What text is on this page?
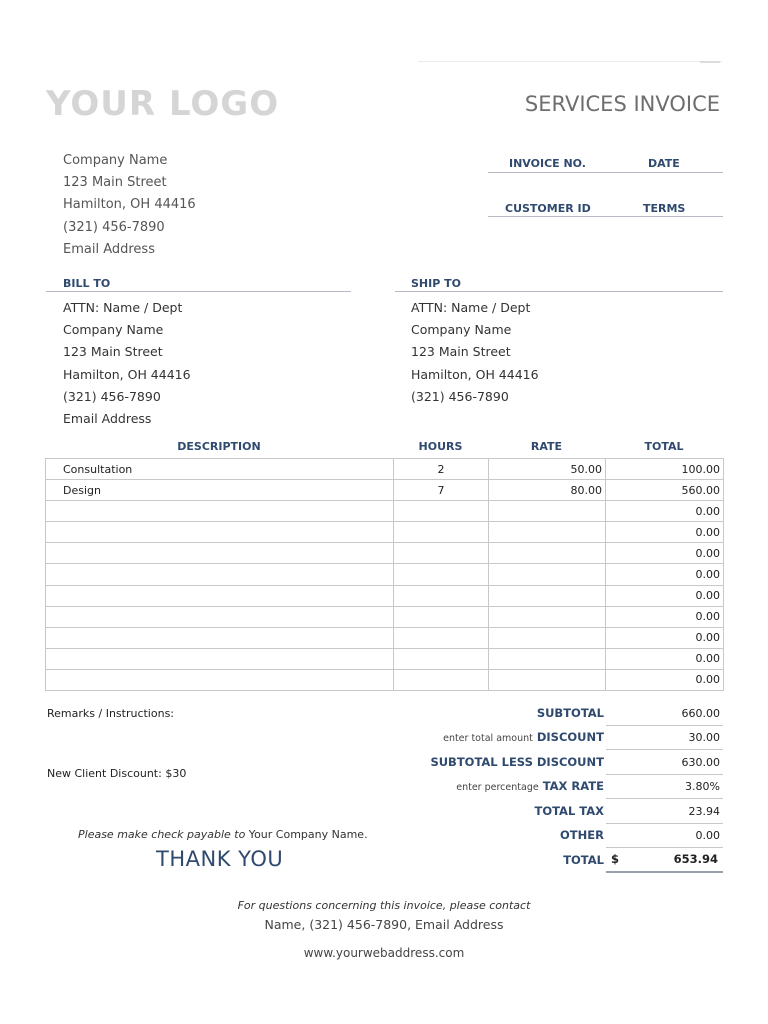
YOUR LOGO	SERVICES INVOICE
Company Name
123 Main Street
Hamilton, OH 44416
(321) 456-7890
Email Address
INVOICE NO.	DATE
CUSTOMER ID	TERMS
BILL TO
ATTN: Name / Dept
Company Name
123 Main Street
Hamilton, OH 44416
(321) 456-7890
Email Address
SHIP TO
ATTN: Name / Dept
Company Name
123 Main Street
Hamilton, OH 44416
(321) 456-7890
DESCRIPTION	HOURS	RATE	TOTAL
Consultation	2	50.00	100.00
Design	7	80.00	560.00
			0.00
			0.00
			0.00
			0.00
			0.00
			0.00
			0.00
			0.00
			0.00
Remarks / Instructions:
New Client Discount: $30
SUBTOTAL	660.00
enter total amount DISCOUNT	30.00
SUBTOTAL LESS DISCOUNT	630.00
enter percentage TAX RATE	3.80%
TOTAL TAX	23.94
OTHER	0.00
TOTAL $	653.94
Please make check payable to Your Company Name.
THANK YOU
For questions concerning this invoice, please contact
Name, (321) 456-7890, Email Address
www.yourwebaddress.com
